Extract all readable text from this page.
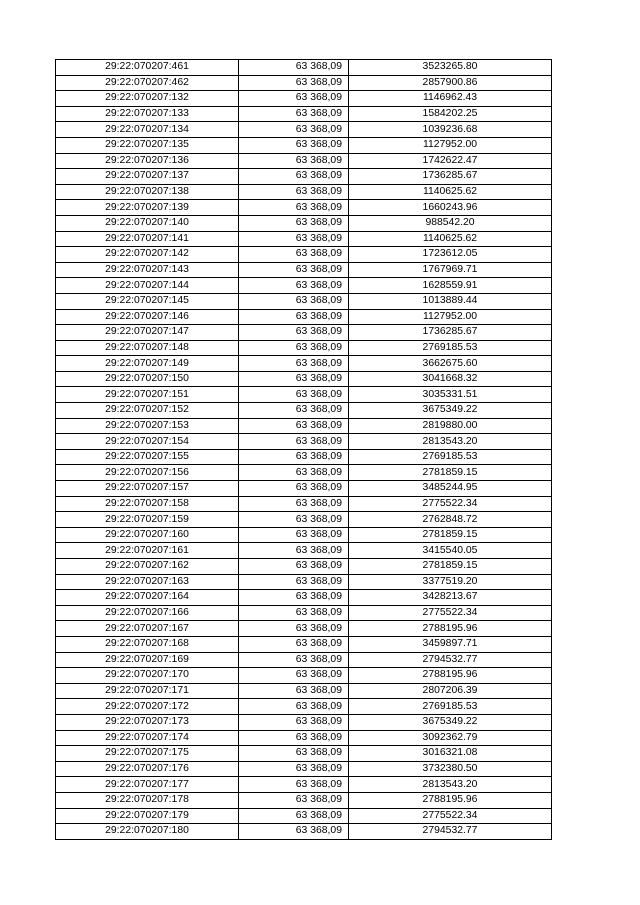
29:22:070207:461	63 368,09	3523265.80
29:22:070207:462	63 368,09	2857900.86
29:22:070207:132	63 368,09	1146962.43
29:22:070207:133	63 368,09	1584202.25
29:22:070207:134	63 368,09	1039236.68
29:22:070207:135	63 368,09	1127952.00
29:22:070207:136	63 368,09	1742622.47
29:22:070207:137	63 368,09	1736285.67
29:22:070207:138	63 368,09	1140625.62
29:22:070207:139	63 368,09	1660243.96
29:22:070207:140	63 368,09	988542.20
29:22:070207:141	63 368,09	1140625.62
29:22:070207:142	63 368,09	1723612.05
29:22:070207:143	63 368,09	1767969.71
29:22:070207:144	63 368,09	1628559.91
29:22:070207:145	63 368,09	1013889.44
29:22:070207:146	63 368,09	1127952.00
29:22:070207:147	63 368,09	1736285.67
29:22:070207:148	63 368,09	2769185.53
29:22:070207:149	63 368,09	3662675.60
29:22:070207:150	63 368,09	3041668.32
29:22:070207:151	63 368,09	3035331.51
29:22:070207:152	63 368,09	3675349.22
29:22:070207:153	63 368,09	2819880.00
29:22:070207:154	63 368,09	2813543.20
29:22:070207:155	63 368,09	2769185.53
29:22:070207:156	63 368,09	2781859.15
29:22:070207:157	63 368,09	3485244.95
29:22:070207:158	63 368,09	2775522.34
29:22:070207:159	63 368,09	2762848.72
29:22:070207:160	63 368,09	2781859.15
29:22:070207:161	63 368,09	3415540.05
29:22:070207:162	63 368,09	2781859.15
29:22:070207:163	63 368,09	3377519.20
29:22:070207:164	63 368,09	3428213.67
29:22:070207:166	63 368,09	2775522.34
29:22:070207:167	63 368,09	2788195.96
29:22:070207:168	63 368,09	3459897.71
29:22:070207:169	63 368,09	2794532.77
29:22:070207:170	63 368,09	2788195.96
29:22:070207:171	63 368,09	2807206.39
29:22:070207:172	63 368,09	2769185.53
29:22:070207:173	63 368,09	3675349.22
29:22:070207:174	63 368,09	3092362.79
29:22:070207:175	63 368,09	3016321.08
29:22:070207:176	63 368,09	3732380.50
29:22:070207:177	63 368,09	2813543.20
29:22:070207:178	63 368,09	2788195.96
29:22:070207:179	63 368,09	2775522.34
29:22:070207:180	63 368,09	2794532.77
